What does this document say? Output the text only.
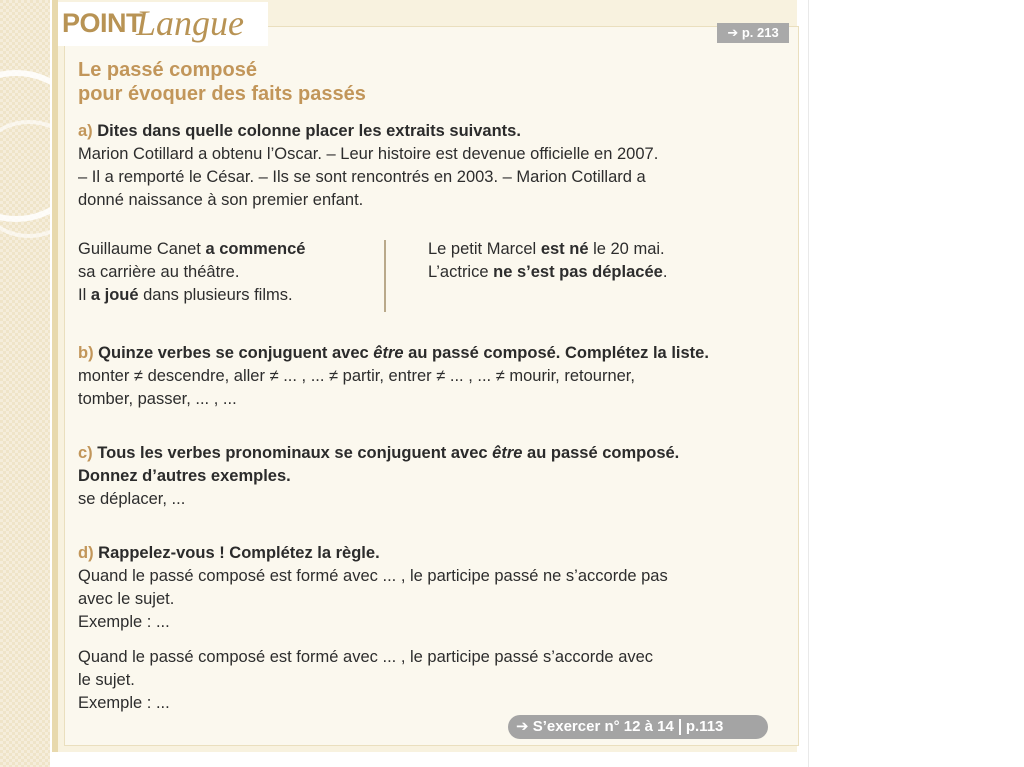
POINT
Langue	➔ p. 213
Le passé composé
pour évoquer des faits passés
a) Dites dans quelle colonne placer les extraits suivants.
Marion Cotillard a obtenu l’Oscar. – Leur histoire est devenue officielle en 2007.
– Il a remporté le César. – Ils se sont rencontrés en 2003. – Marion Cotillard a
donné naissance à son premier enfant.
Guillaume Canet a commencé
sa carrière au théâtre.
Il a joué dans plusieurs films.
Le petit Marcel est né le 20 mai.
L’actrice ne s’est pas déplacée.
b) Quinze verbes se conjuguent avec être au passé composé. Complétez la liste.
monter ≠ descendre, aller ≠ ... , ... ≠ partir, entrer ≠ ... , ... ≠ mourir, retourner,
tomber, passer, ... , ...
c) Tous les verbes pronominaux se conjuguent avec être au passé composé.
Donnez d’autres exemples.
se déplacer, ...
d) Rappelez-vous ! Complétez la règle.
Quand le passé composé est formé avec ... , le participe passé ne s’accorde pas
avec le sujet.
Exemple : ...
Quand le passé composé est formé avec ... , le participe passé s’accorde avec
le sujet.
Exemple : ...
➔ S’exercer n° 12 à 14 p.113
